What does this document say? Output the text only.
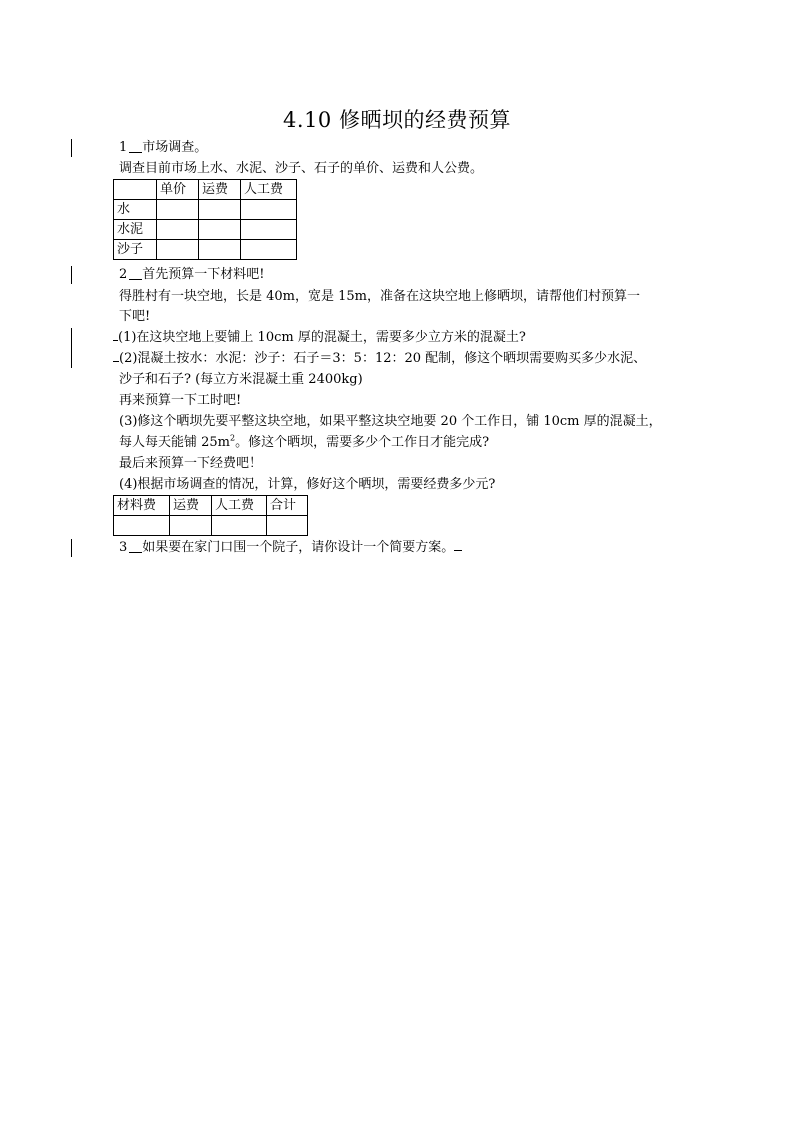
4.10 修晒坝的经费预算
1 市场调查。
调查目前市场上水、水泥、沙子、石子的单价、运费和人公费。
	单价	运费	人工费
水			
水泥			
沙子			
2 首先预算一下材料吧!
得胜村有一块空地，长是 40m，宽是 15m，准备在这块空地上修晒坝，请帮他们村预算一
下吧!
(1)在这块空地上要铺上 10cm 厚的混凝土，需要多少立方米的混凝土?
(2)混凝土按水：水泥：沙子：石子＝3：5：12：20 配制，修这个晒坝需要购买多少水泥、
沙子和石子? (每立方米混凝土重 2400kg)
再来预算一下工时吧!
(3)修这个晒坝先要平整这块空地，如果平整这块空地要 20 个工作日，铺 10cm 厚的混凝土，
每人每天能铺 $25m^2$。修这个晒坝，需要多少个工作日才能完成?
最后来预算一下经费吧！
(4)根据市场调查的情况，计算，修好这个晒坝，需要经费多少元?
材料费	运费	人工费	合计

3 如果要在家门口围一个院子，请你设计一个简要方案。
